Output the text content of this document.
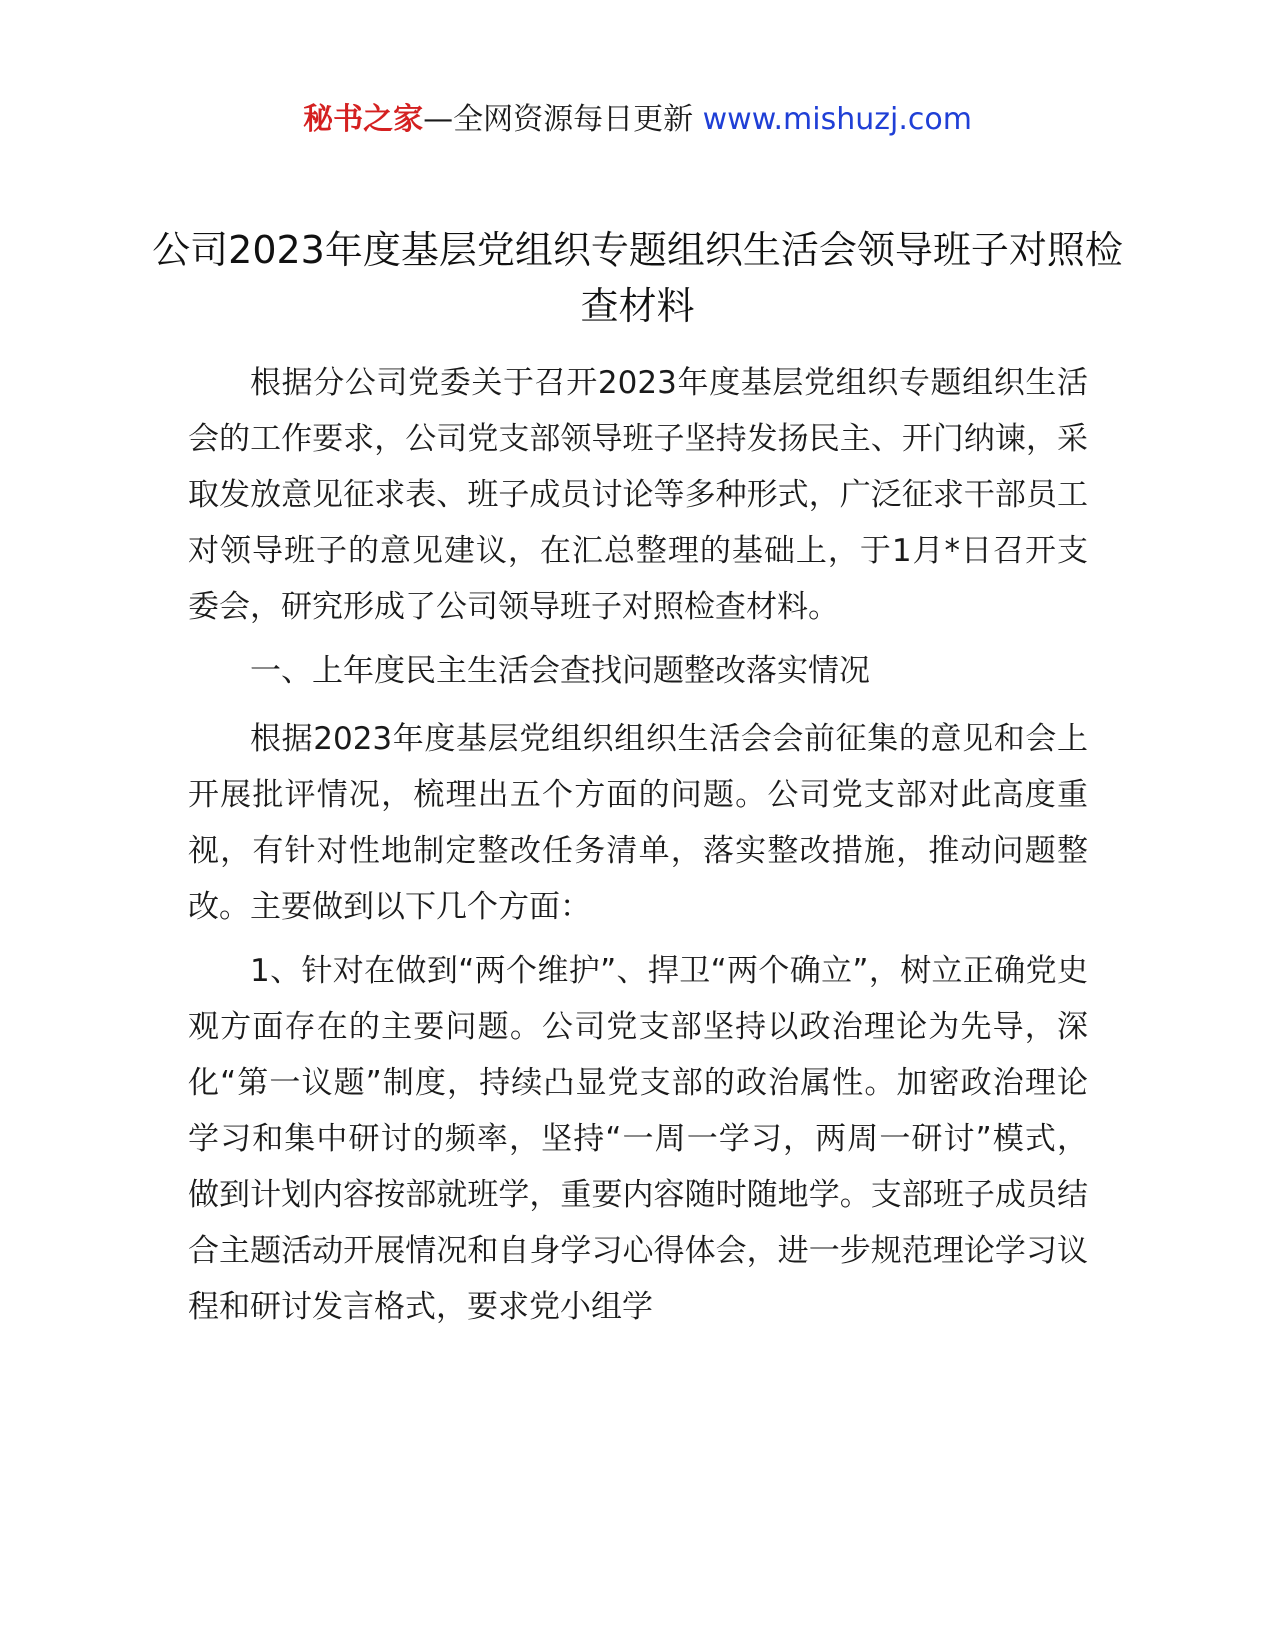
秘书之家—全网资源每日更新 www.mishuzj.com
公司2023年度基层党组织专题组织生活会领导班子对照检查材料

根据分公司党委关于召开2023年度基层党组织专题组织生活会的工作要求，公司党支部领导班子坚持发扬民主、开门纳谏，采取发放意见征求表、班子成员讨论等多种形式，广泛征求干部员工对领导班子的意见建议，在汇总整理的基础上，于1月*日召开支委会，研究形成了公司领导班子对照检查材料。

一、上年度民主生活会查找问题整改落实情况

根据2023年度基层党组织组织生活会会前征集的意见和会上开展批评情况，梳理出五个方面的问题。公司党支部对此高度重视，有针对性地制定整改任务清单，落实整改措施，推动问题整改。主要做到以下几个方面：

1、针对在做到“两个维护”、捍卫“两个确立”，树立正确党史观方面存在的主要问题。公司党支部坚持以政治理论为先导，深化“第一议题”制度，持续凸显党支部的政治属性。加密政治理论学习和集中研讨的频率，坚持“一周一学习，两周一研讨”模式，做到计划内容按部就班学，重要内容随时随地学。支部班子成员结合主题活动开展情况和自身学习心得体会，进一步规范理论学习议程和研讨发言格式，要求党小组学
